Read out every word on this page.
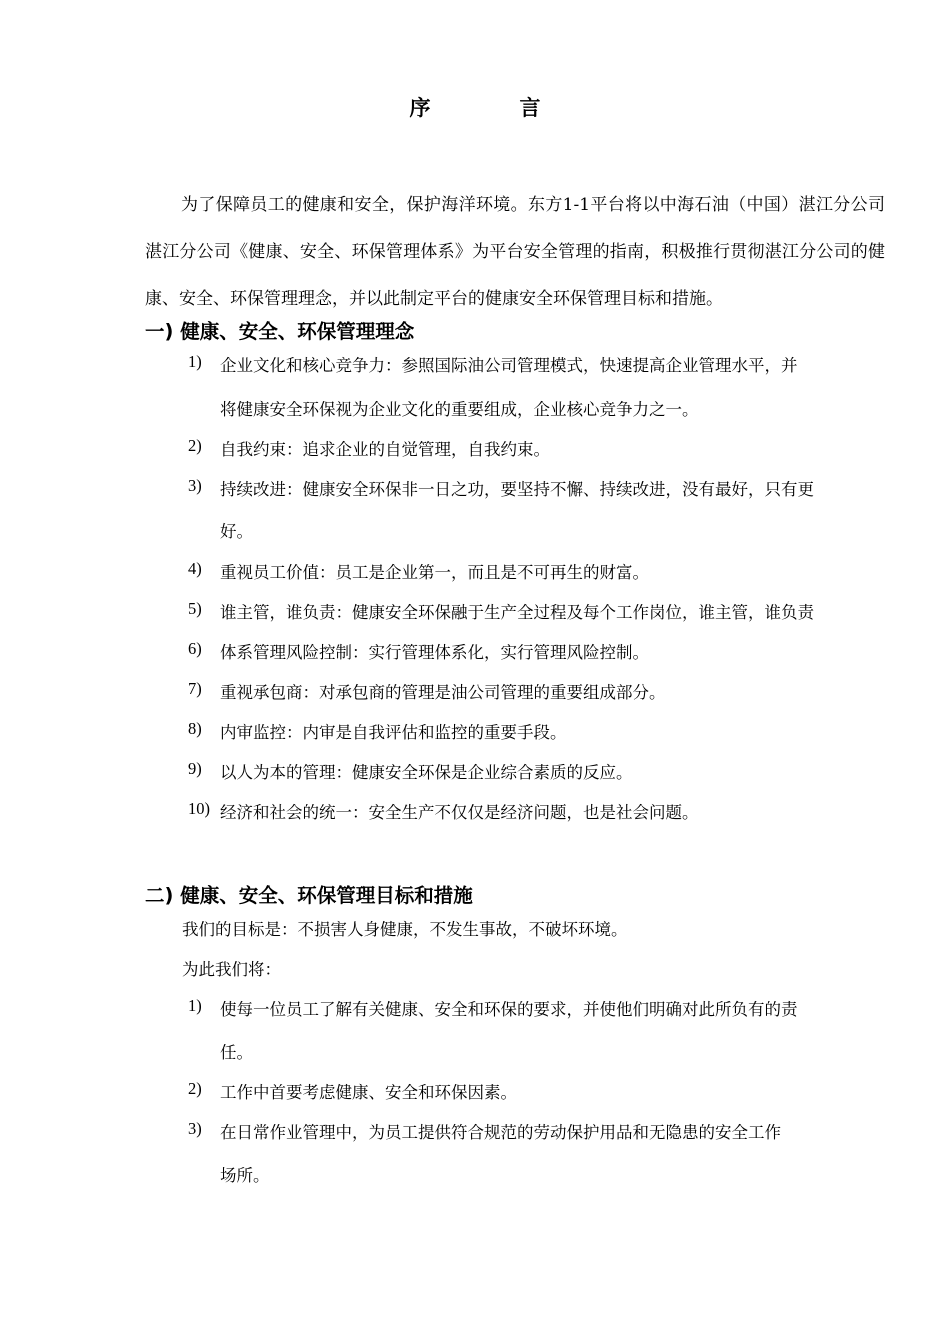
序　言
为了保障员工的健康和安全，保护海洋环境。东方1-1平台将以中海石油（中国）湛江分公司湛江分公司《健康、安全、环保管理体系》为平台安全管理的指南，积极推行贯彻湛江分公司的健康、安全、环保管理理念，并以此制定平台的健康安全环保管理目标和措施。
一) 健康、安全、环保管理理念
1) 企业文化和核心竞争力：参照国际油公司管理模式，快速提高企业管理水平，并
将健康安全环保视为企业文化的重要组成，企业核心竞争力之一。
2) 自我约束：追求企业的自觉管理，自我约束。
3) 持续改进：健康安全环保非一日之功，要坚持不懈、持续改进，没有最好，只有更
好。
4) 重视员工价值：员工是企业第一，而且是不可再生的财富。
5) 谁主管，谁负责：健康安全环保融于生产全过程及每个工作岗位，谁主管，谁负责
6) 体系管理风险控制：实行管理体系化，实行管理风险控制。
7) 重视承包商：对承包商的管理是油公司管理的重要组成部分。
8) 内审监控：内审是自我评估和监控的重要手段。
9) 以人为本的管理：健康安全环保是企业综合素质的反应。
10) 经济和社会的统一：安全生产不仅仅是经济问题，也是社会问题。
二) 健康、安全、环保管理目标和措施
我们的目标是：不损害人身健康，不发生事故，不破坏环境。
为此我们将：
1) 使每一位员工了解有关健康、安全和环保的要求，并使他们明确对此所负有的责
任。
2) 工作中首要考虑健康、安全和环保因素。
3) 在日常作业管理中，为员工提供符合规范的劳动保护用品和无隐患的安全工作
场所。
